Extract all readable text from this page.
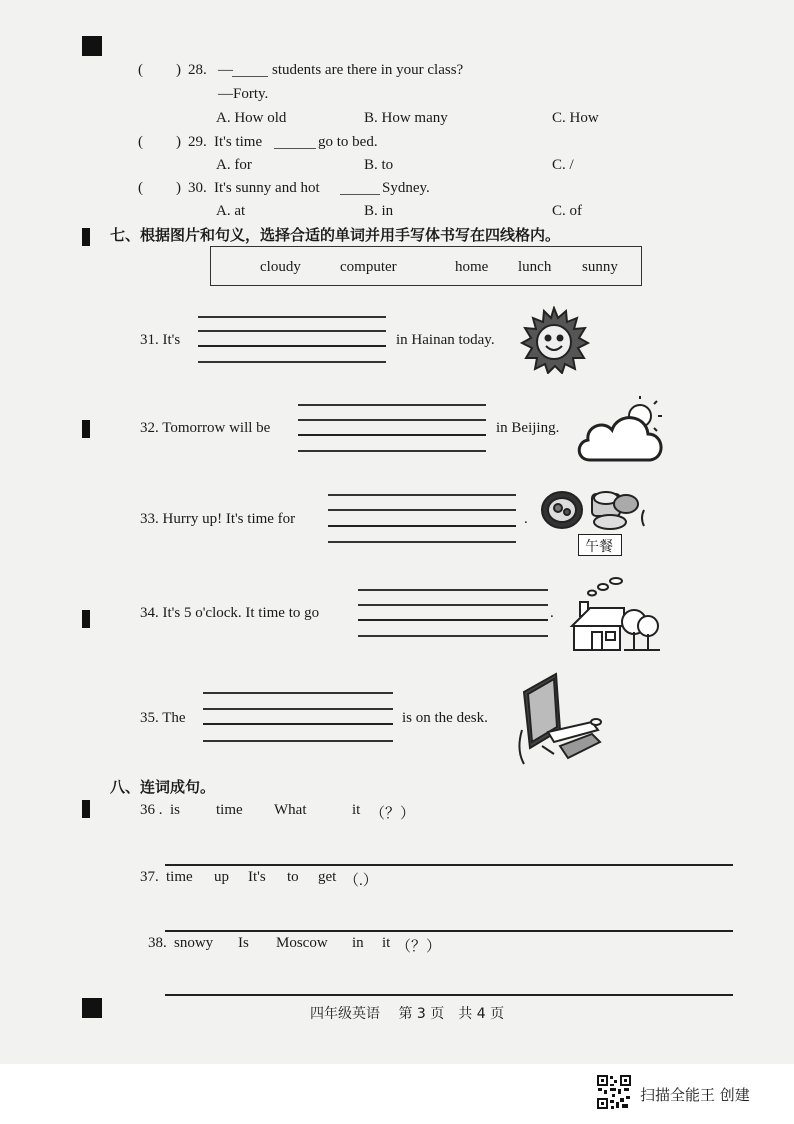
( ) 28. —	students are there in your class?
—Forty.
A. How old	B. How many	C. How
( ) 29. It's time	go to bed.
A. for	B. to	C. /
( ) 30. It's sunny and hot	Sydney.
A. at	B. in	C. of
七、根据图片和句义，选择合适的单词并用手写体书写在四线格内。
cloudy	computer	home lunch sunny
31. It's	in Hainan today.
32. Tomorrow will be	in Beijing.
33. Hurry up! It's time for	.
午餐
34. It's 5 o'clock. It time to go	.
35. The	is on the desk.
八、连词成句。
36 . is time What	it （？）
37. time up It's to get （.）
38. snowy Is Moscow in it （？）
四年级英语　 第 3 页　共 4 页
扫描全能王 创建
